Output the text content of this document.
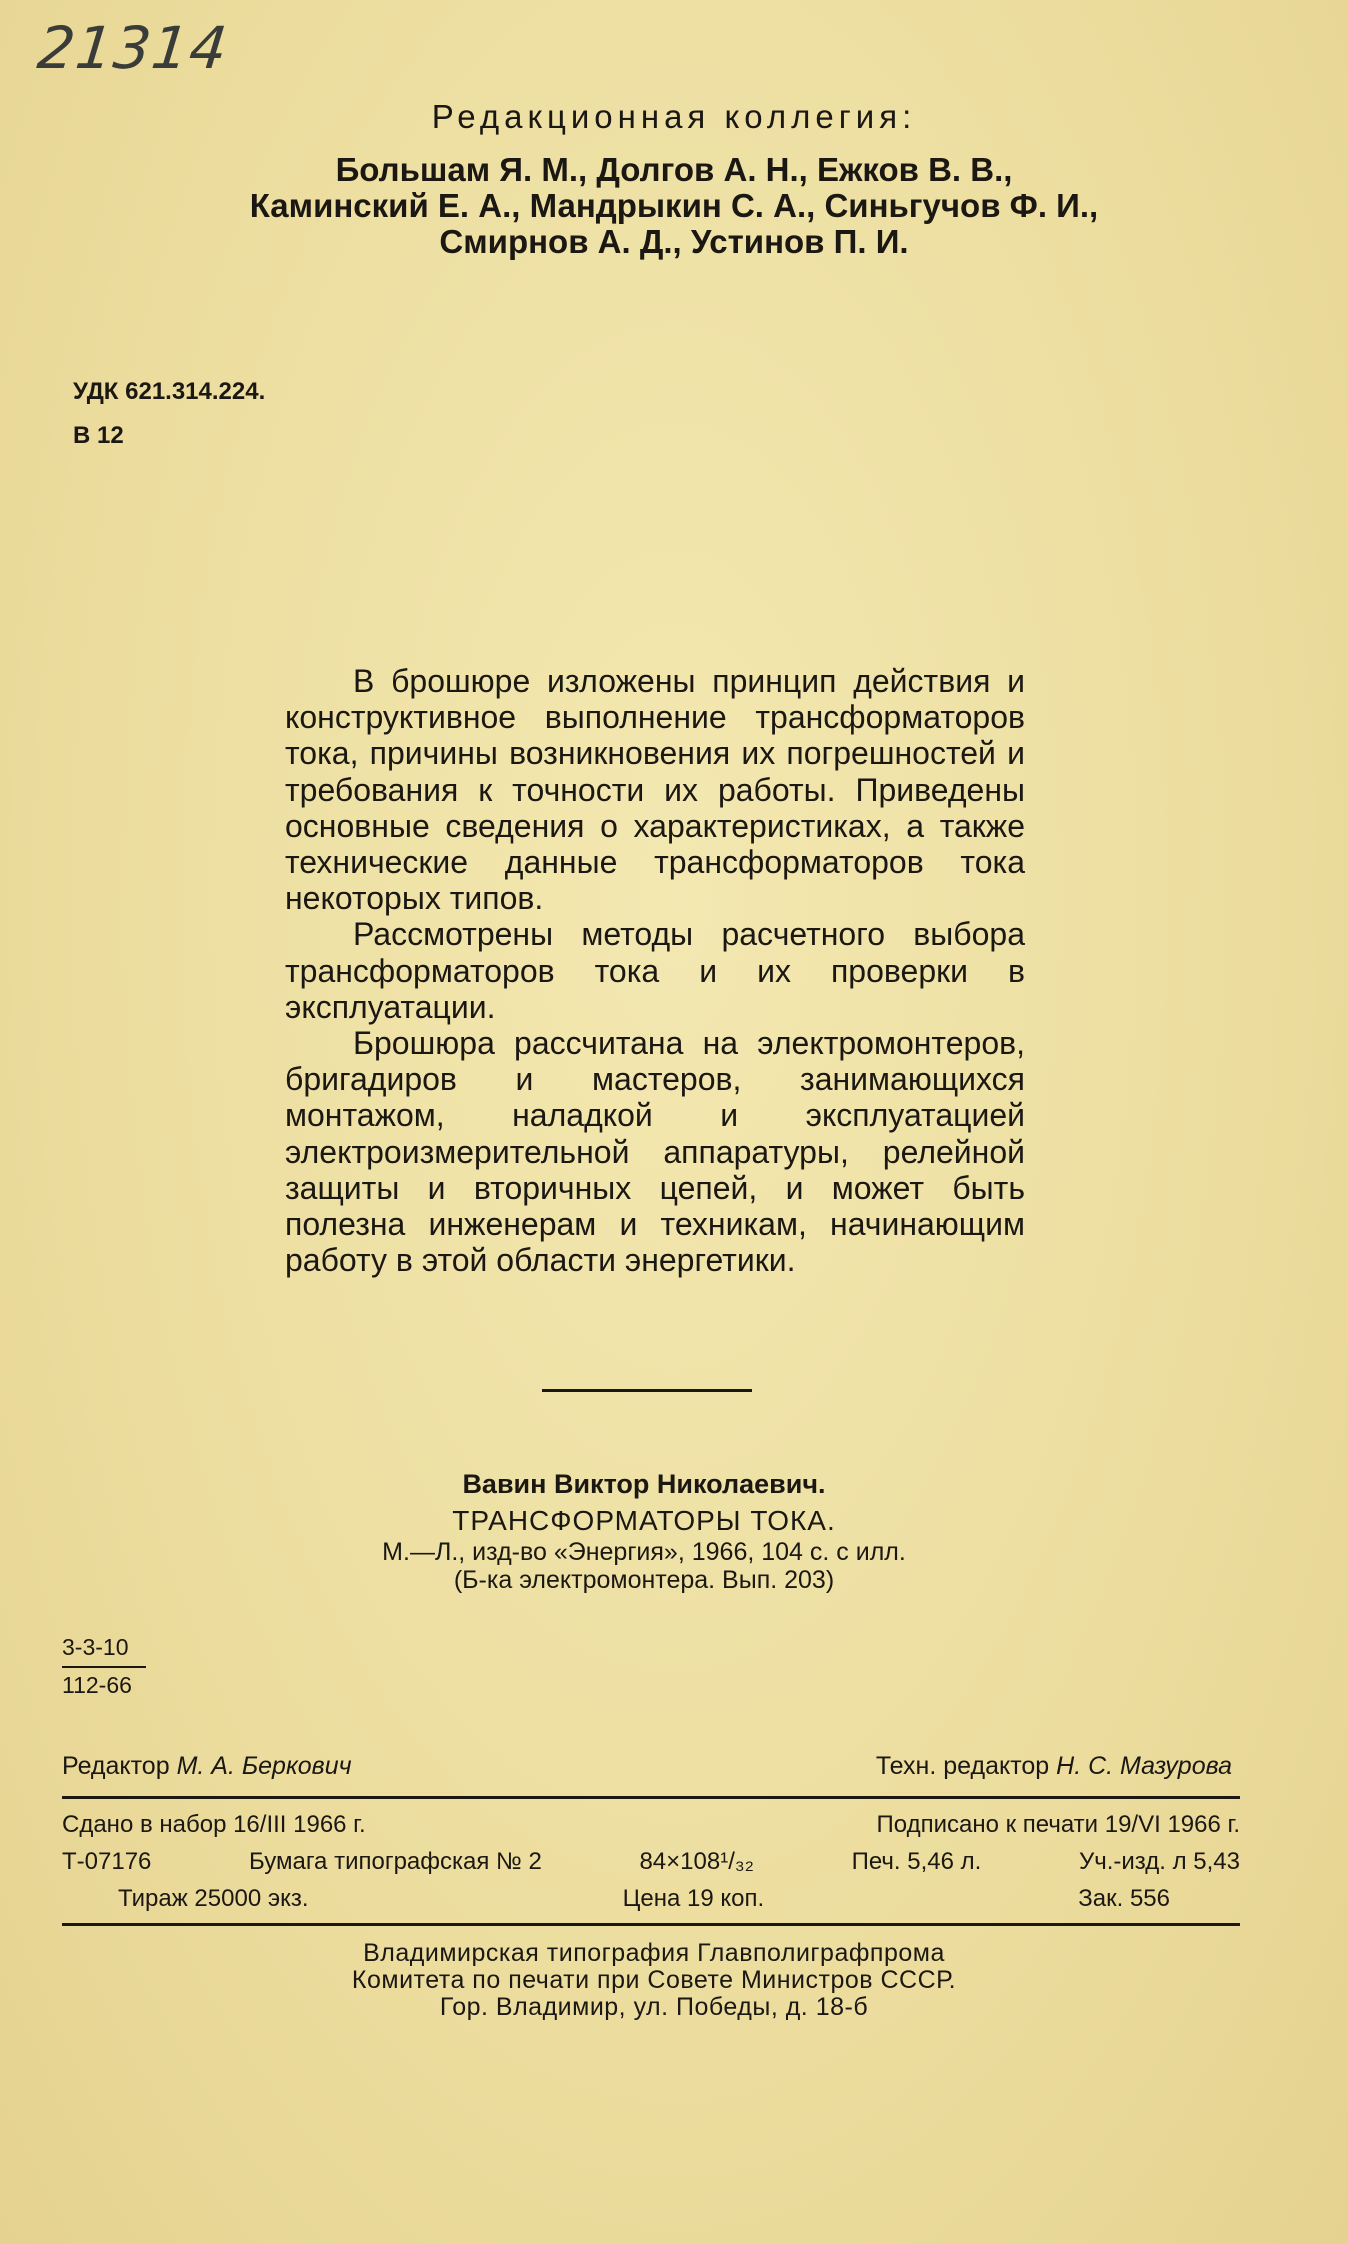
21314
Редакционная коллегия:
Большам Я. М., Долгов А. Н., Ежков В. В.,
Каминский Е. А., Мандрыкин С. А., Синьгучов Ф. И.,
Смирнов А. Д., Устинов П. И.
УДК 621.314.224.
В 12

В брошюре изложены принцип действия и конструктивное выполнение трансформаторов тока, причины возникновения их погрешностей и требования к точности их работы. Приведены основные сведения о характеристиках, а также технические данные трансформаторов тока некоторых типов.

Рассмотрены методы расчетного выбора трансформаторов тока и их проверки в эксплуатации.

Брошюра рассчитана на электромонтеров, бригадиров и мастеров, занимающихся монтажом, наладкой и эксплуатацией электроизмерительной аппаратуры, релейной защиты и вторичных цепей, и может быть полезна инженерам и техникам, начинающим работу в этой области энергетики.

Вавин Виктор Николаевич.
ТРАНСФОРМАТОРЫ ТОКА.
М.—Л., изд-во «Энергия», 1966, 104 с. с илл.
(Б-ка электромонтера. Вып. 203)
$\frac{3-3-10}{112-66}$
Редактор М. А. Беркович	Техн. редактор Н. С. Мазурова
Сдано в набор 16/III 1966 г.	Подписано к печати 19/VI 1966 г.
Т-07176	Бумага типографская № 2	84×108¹/₃₂	Печ. 5,46 л.	Уч.-изд. л 5,43
Тираж 25000 экз.	Цена 19 коп.	Зак. 556
Владимирская типография Главполиграфпрома
Комитета по печати при Совете Министров СССР.
Гор. Владимир, ул. Победы, д. 18-б
